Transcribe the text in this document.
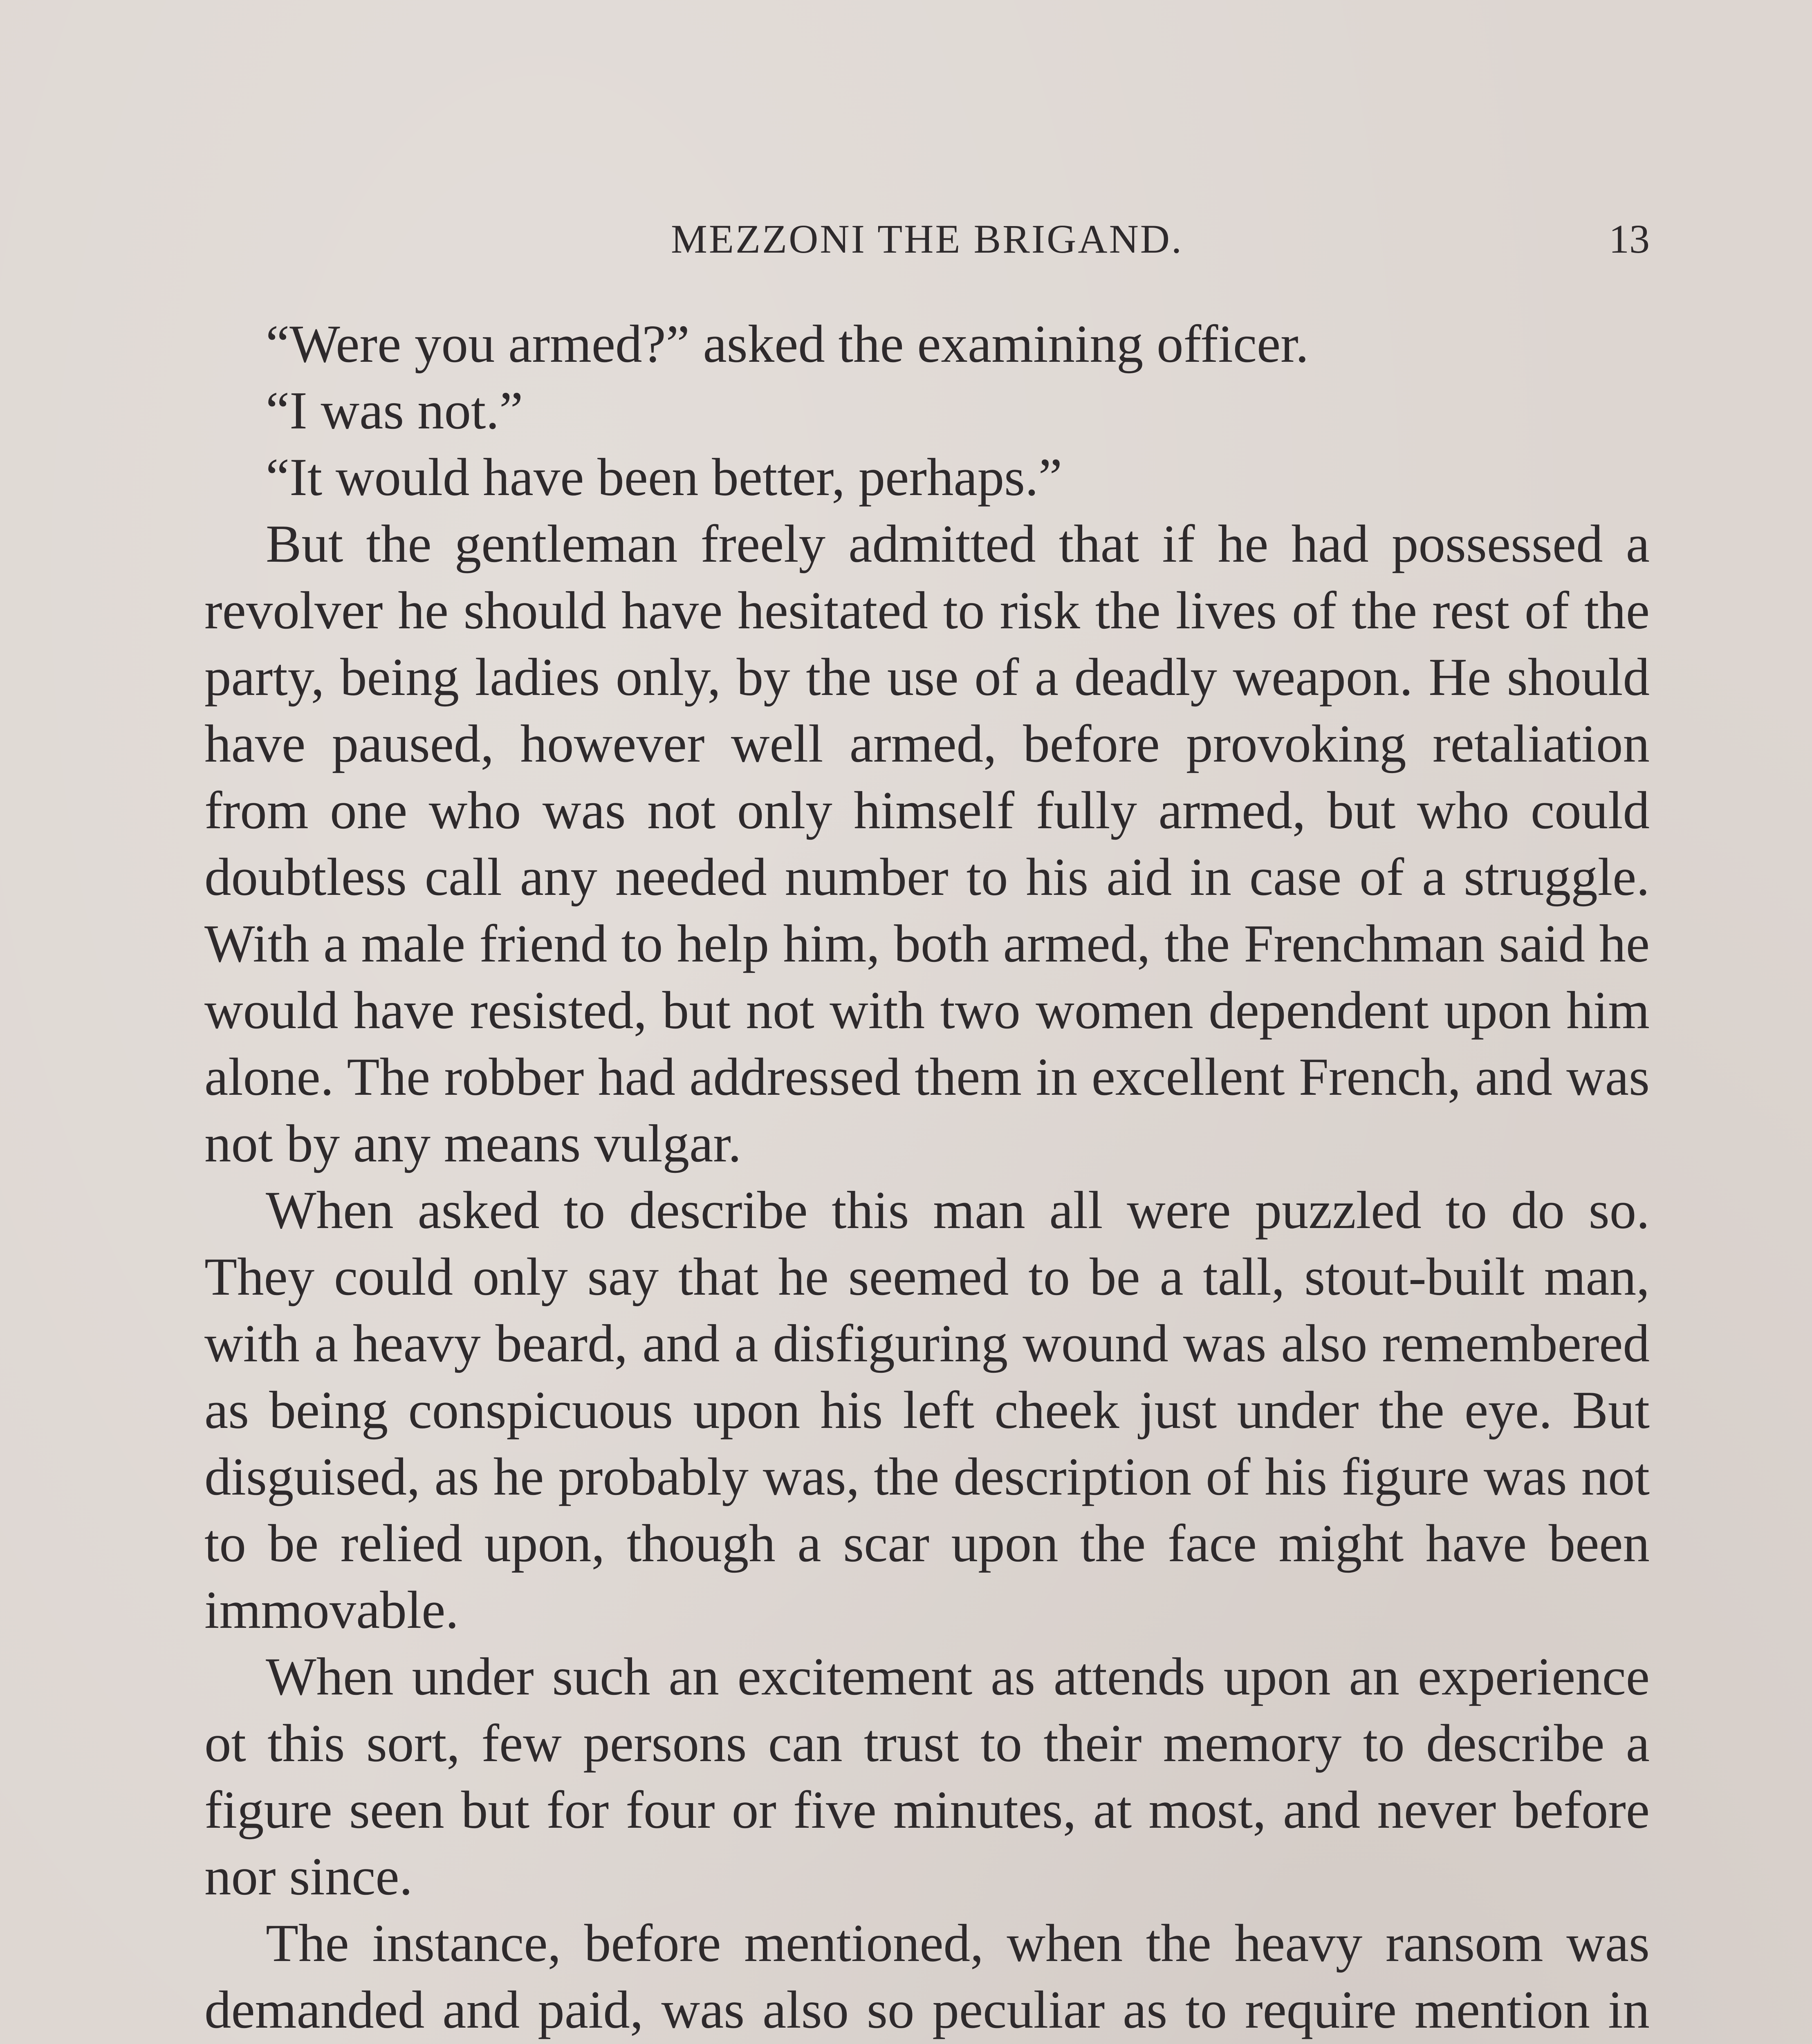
MEZZONI THE BRIGAND.	13

“Were you armed?” asked the examining officer.

“I was not.”

“It would have been better, perhaps.”

But the gentleman freely admitted that if he had possessed a revolver he should have hesitated to risk the lives of the rest of the party, being ladies only, by the use of a deadly weapon. He should have paused, however well armed, before provoking retaliation from one who was not only himself fully armed, but who could doubtless call any needed number to his aid in case of a struggle. With a male friend to help him, both armed, the Frenchman said he would have resisted, but not with two women dependent upon him alone. The robber had addressed them in excellent French, and was not by any means vulgar.

When asked to describe this man all were puzzled to do so. They could only say that he seemed to be a tall, stout-built man, with a heavy beard, and a disfiguring wound was also remembered as being conspicuous upon his left cheek just under the eye. But disguised, as he probably was, the description of his figure was not to be relied upon, though a scar upon the face might have been immovable.

When under such an excitement as attends upon an experience ot this sort, few persons can trust to their memory to describe a figure seen but for four or five minutes, at most, and never before nor since.

The instance, before mentioned, when the heavy ransom was demanded and paid, was also so peculiar as to require mention in
